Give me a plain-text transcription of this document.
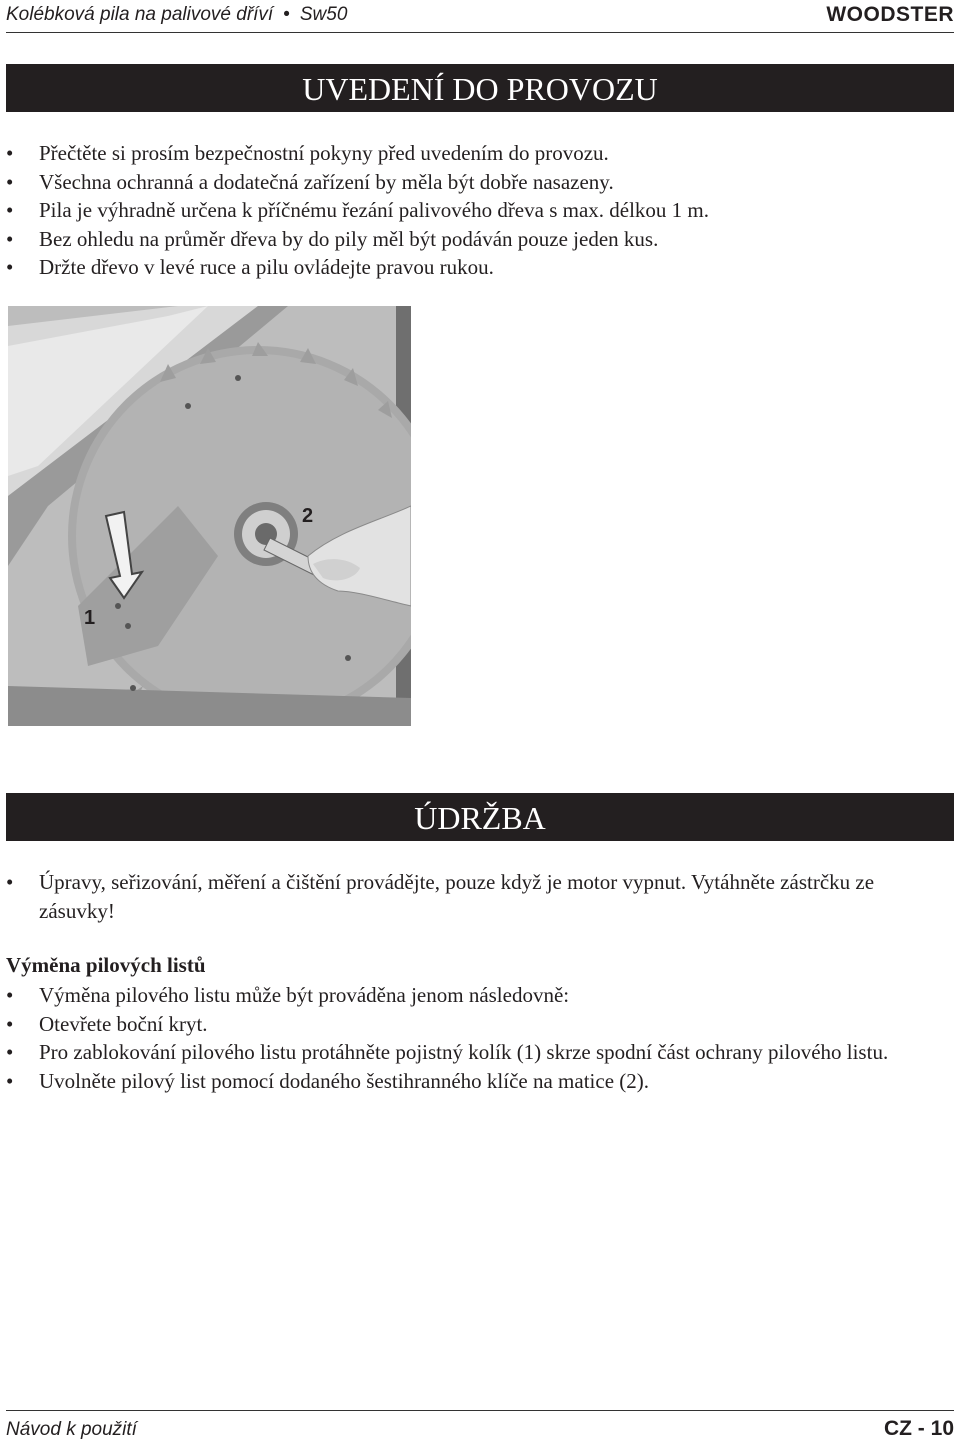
Kolébková pila na palivové dříví • Sw50	WOODSTER
UVEDENÍ DO PROVOZU
• Přečtěte si prosím bezpečnostní pokyny před uvedením do provozu.
• Všechna ochranná a dodatečná zařízení by měla být dobře nasazeny.
• Pila je výhradně určena k příčnému řezání palivového dřeva s max. délkou 1 m.
• Bez ohledu na průměr dřeva by do pily měl být podáván pouze jeden kus.
• Držte dřevo v levé ruce a pilu ovládejte pravou rukou.
1
2
ÚDRŽBA
• Úpravy, seřizování, měření a čištění provádějte, pouze když je motor vypnut. Vytáhněte zástrčku ze zásuvky!
Výměna pilových listů
• Výměna pilového listu může být prováděna jenom následovně:
• Otevřete boční kryt.
• Pro zablokování pilového listu protáhněte pojistný kolík (1) skrze spodní část ochrany pilového listu.
• Uvolněte pilový list pomocí dodaného šestihranného klíče na matice (2).
Návod k použití	CZ - 10
